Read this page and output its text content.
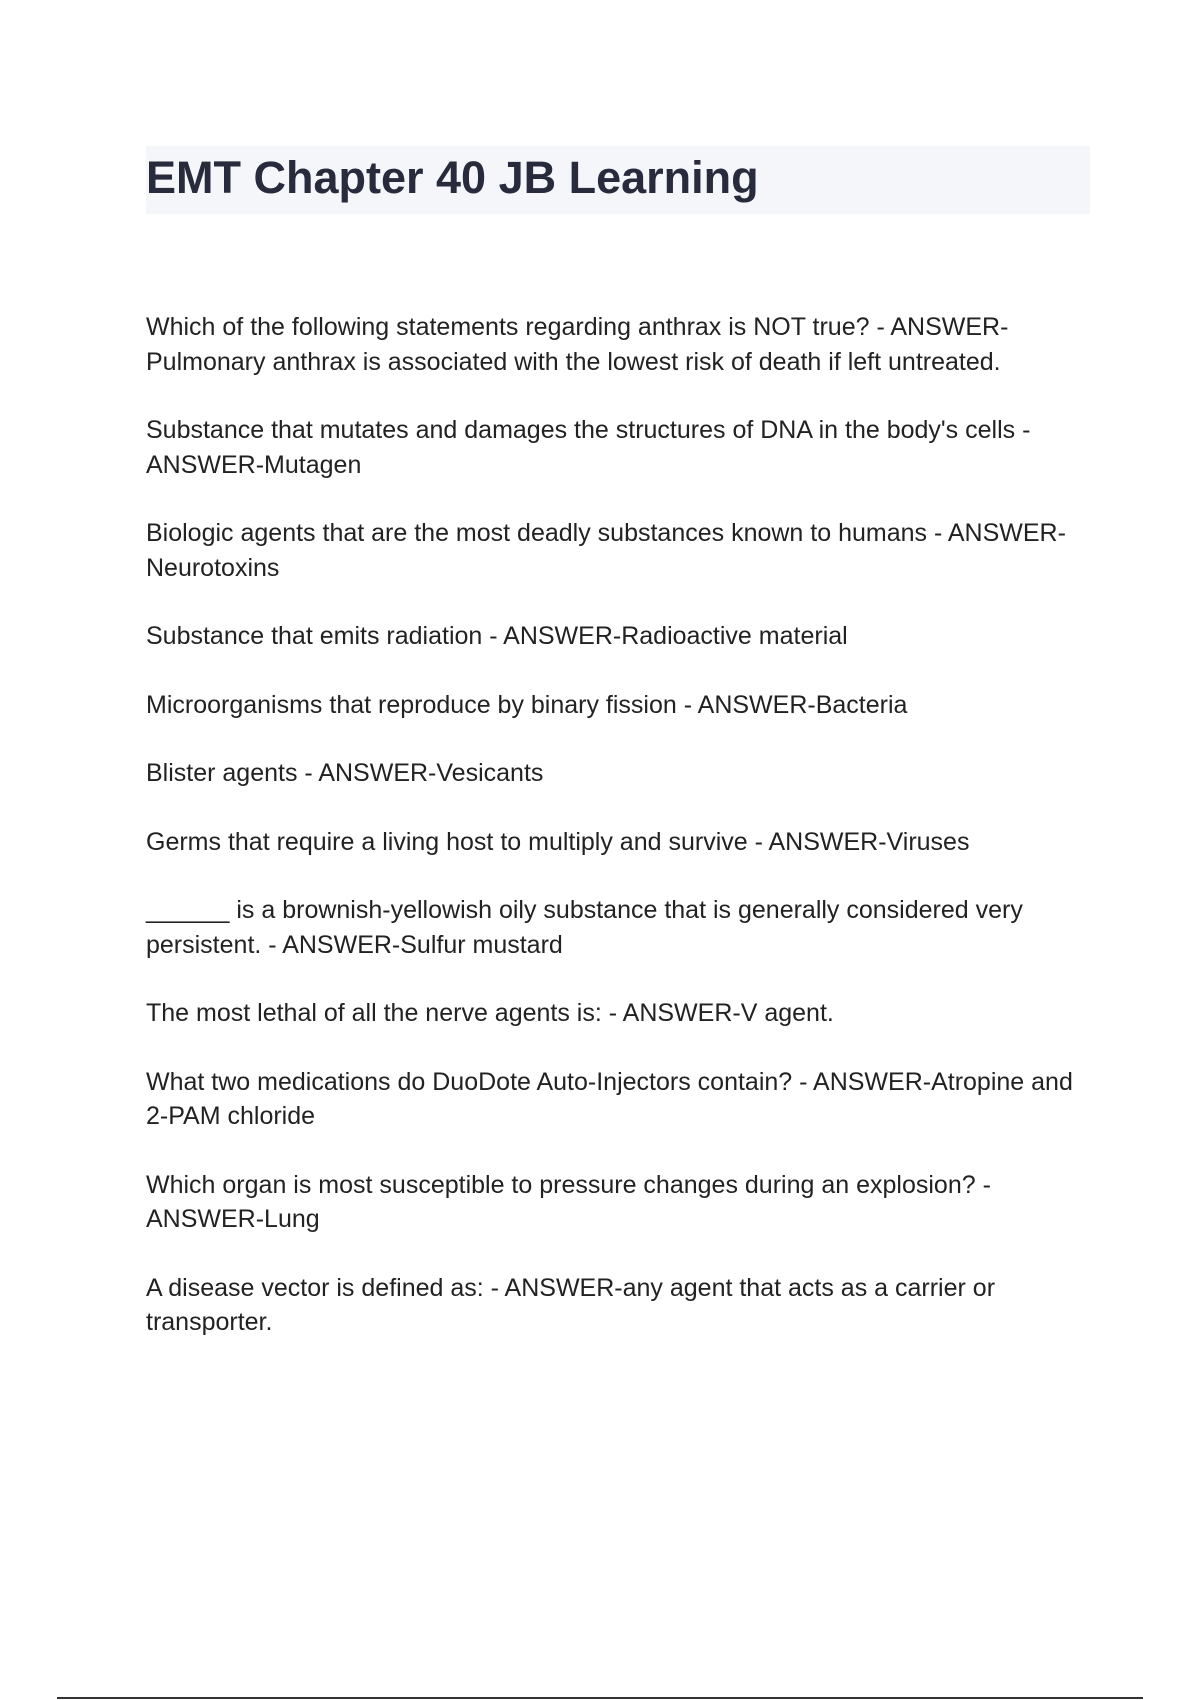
EMT Chapter 40 JB Learning

Which of the following statements regarding anthrax is NOT true? - ANSWER-Pulmonary anthrax is associated with the lowest risk of death if left untreated.

Substance that mutates and damages the structures of DNA in the body's cells -ANSWER-Mutagen

Biologic agents that are the most deadly substances known to humans - ANSWER-Neurotoxins

Substance that emits radiation - ANSWER-Radioactive material

Microorganisms that reproduce by binary fission - ANSWER-Bacteria

Blister agents - ANSWER-Vesicants

Germs that require a living host to multiply and survive - ANSWER-Viruses

______ is a brownish-yellowish oily substance that is generally considered very persistent. - ANSWER-Sulfur mustard

The most lethal of all the nerve agents is: - ANSWER-V agent.

What two medications do DuoDote Auto-Injectors contain? - ANSWER-Atropine and 2-PAM chloride

Which organ is most susceptible to pressure changes during an explosion? -ANSWER-Lung

A disease vector is defined as: - ANSWER-any agent that acts as a carrier or transporter.
